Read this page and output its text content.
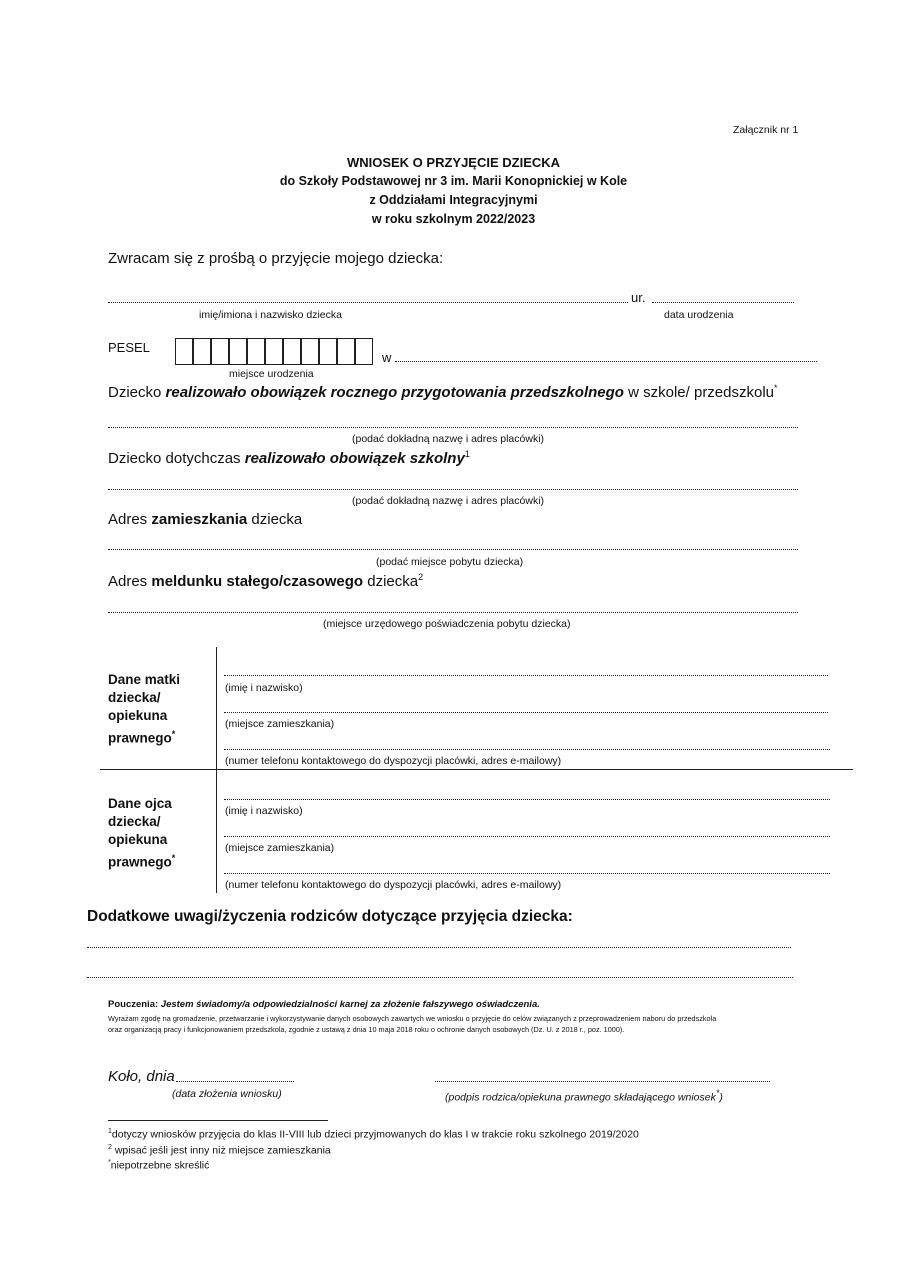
Załącznik nr 1
WNIOSEK O PRZYJĘCIE DZIECKA
do Szkoły Podstawowej nr 3 im. Marii Konopnickiej w Kole
z Oddziałami Integracyjnymi
w roku szkolnym 2022/2023
Zwracam się z prośbą o przyjęcie mojego dziecka:
ur.
imię/imiona i nazwisko dziecka	data urodzenia
PESEL
w
miejsce urodzenia
Dziecko realizowało obowiązek rocznego przygotowania przedszkolnego w szkole/ przedszkolu*
(podać dokładną nazwę i adres placówki)
Dziecko dotychczas realizowało obowiązek szkolny$^1$
(podać dokładną nazwę i adres placówki)
Adres zamieszkania dziecka
(podać miejsce pobytu dziecka)
Adres meldunku stałego/czasowego dziecka$^2$
(miejsce urzędowego poświadczenia pobytu dziecka)
Dane matki
dziecka/
opiekuna
prawnego*
(imię i nazwisko)
(miejsce zamieszkania)
(numer telefonu kontaktowego do dyspozycji placówki, adres e-mailowy)
Dane ojca
dziecka/
opiekuna
prawnego*
(imię i nazwisko)
(miejsce zamieszkania)
(numer telefonu kontaktowego do dyspozycji placówki, adres e-mailowy)
Dodatkowe uwagi/życzenia rodziców dotyczące przyjęcia dziecka:
Pouczenia: Jestem świadomy/a odpowiedzialności karnej za złożenie fałszywego oświadczenia.
Wyrażam zgodę na gromadzenie, przetwarzanie i wykorzystywanie danych osobowych zawartych we wniosku o przyjęcie do celów związanych z przeprowadzeniem naboru do przedszkola
oraz organizacją pracy i funkcjonowaniem przedszkola, zgodnie z ustawą z dnia 10 maja 2018 roku o ochronie danych osobowych (Dz. U. z 2018 r., poz. 1000).
Koło, dnia
(data złożenia wniosku)	(podpis rodzica/opiekuna prawnego składającego wniosek*)
$^1$dotyczy wniosków przyjęcia do klas II-VIII lub dzieci przyjmowanych do klas I w trakcie roku szkolnego 2019/2020
$^2$ wpisać jeśli jest inny niż miejsce zamieszkania
*niepotrzebne skreślić
